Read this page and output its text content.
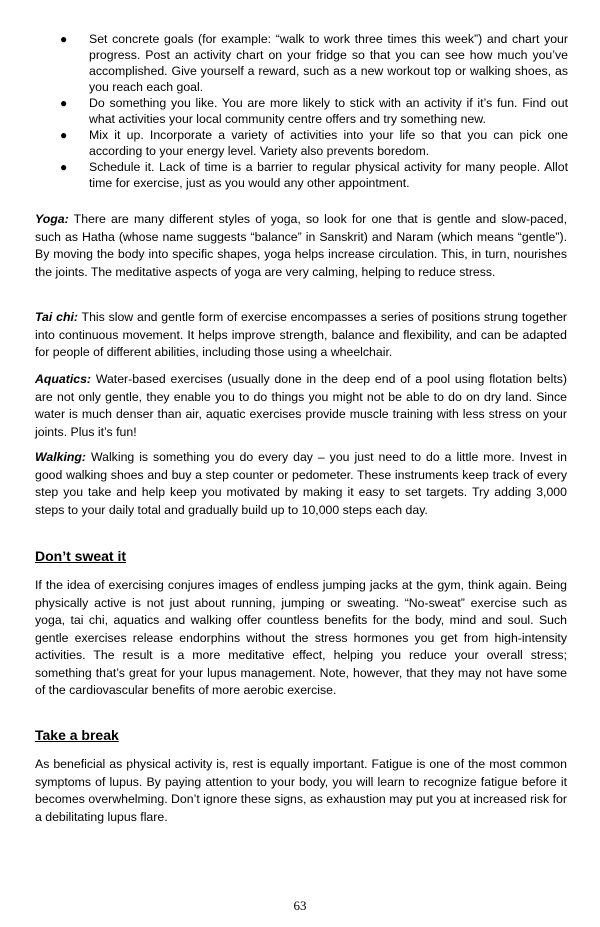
● Set concrete goals (for example: “walk to work three times this week”) and chart your progress. Post an activity chart on your fridge so that you can see how much you’ve accomplished. Give yourself a reward, such as a new workout top or walking shoes, as you reach each goal.
● Do something you like. You are more likely to stick with an activity if it’s fun. Find out what activities your local community centre offers and try something new.
● Mix it up. Incorporate a variety of activities into your life so that you can pick one according to your energy level. Variety also prevents boredom.
● Schedule it. Lack of time is a barrier to regular physical activity for many people. Allot time for exercise, just as you would any other appointment.

Yoga: There are many different styles of yoga, so look for one that is gentle and slow-paced, such as Hatha (whose name suggests “balance” in Sanskrit) and Naram (which means “gentle”). By moving the body into specific shapes, yoga helps increase circulation. This, in turn, nourishes the joints. The meditative aspects of yoga are very calming, helping to reduce stress.

Tai chi: This slow and gentle form of exercise encompasses a series of positions strung together into continuous movement. It helps improve strength, balance and flexibility, and can be adapted for people of different abilities, including those using a wheelchair.

Aquatics: Water-based exercises (usually done in the deep end of a pool using flotation belts) are not only gentle, they enable you to do things you might not be able to do on dry land. Since water is much denser than air, aquatic exercises provide muscle training with less stress on your joints. Plus it’s fun!

Walking: Walking is something you do every day – you just need to do a little more. Invest in good walking shoes and buy a step counter or pedometer. These instruments keep track of every step you take and help keep you motivated by making it easy to set targets. Try adding 3,000 steps to your daily total and gradually build up to 10,000 steps each day.

Don’t sweat it

If the idea of exercising conjures images of endless jumping jacks at the gym, think again. Being physically active is not just about running, jumping or sweating. “No-sweat” exercise such as yoga, tai chi, aquatics and walking offer countless benefits for the body, mind and soul. Such gentle exercises release endorphins without the stress hormones you get from high-intensity activities. The result is a more meditative effect, helping you reduce your overall stress; something that’s great for your lupus management. Note, however, that they may not have some of the cardiovascular benefits of more aerobic exercise.

Take a break

As beneficial as physical activity is, rest is equally important. Fatigue is one of the most common symptoms of lupus. By paying attention to your body, you will learn to recognize fatigue before it becomes overwhelming. Don’t ignore these signs, as exhaustion may put you at increased risk for a debilitating lupus flare.

63
